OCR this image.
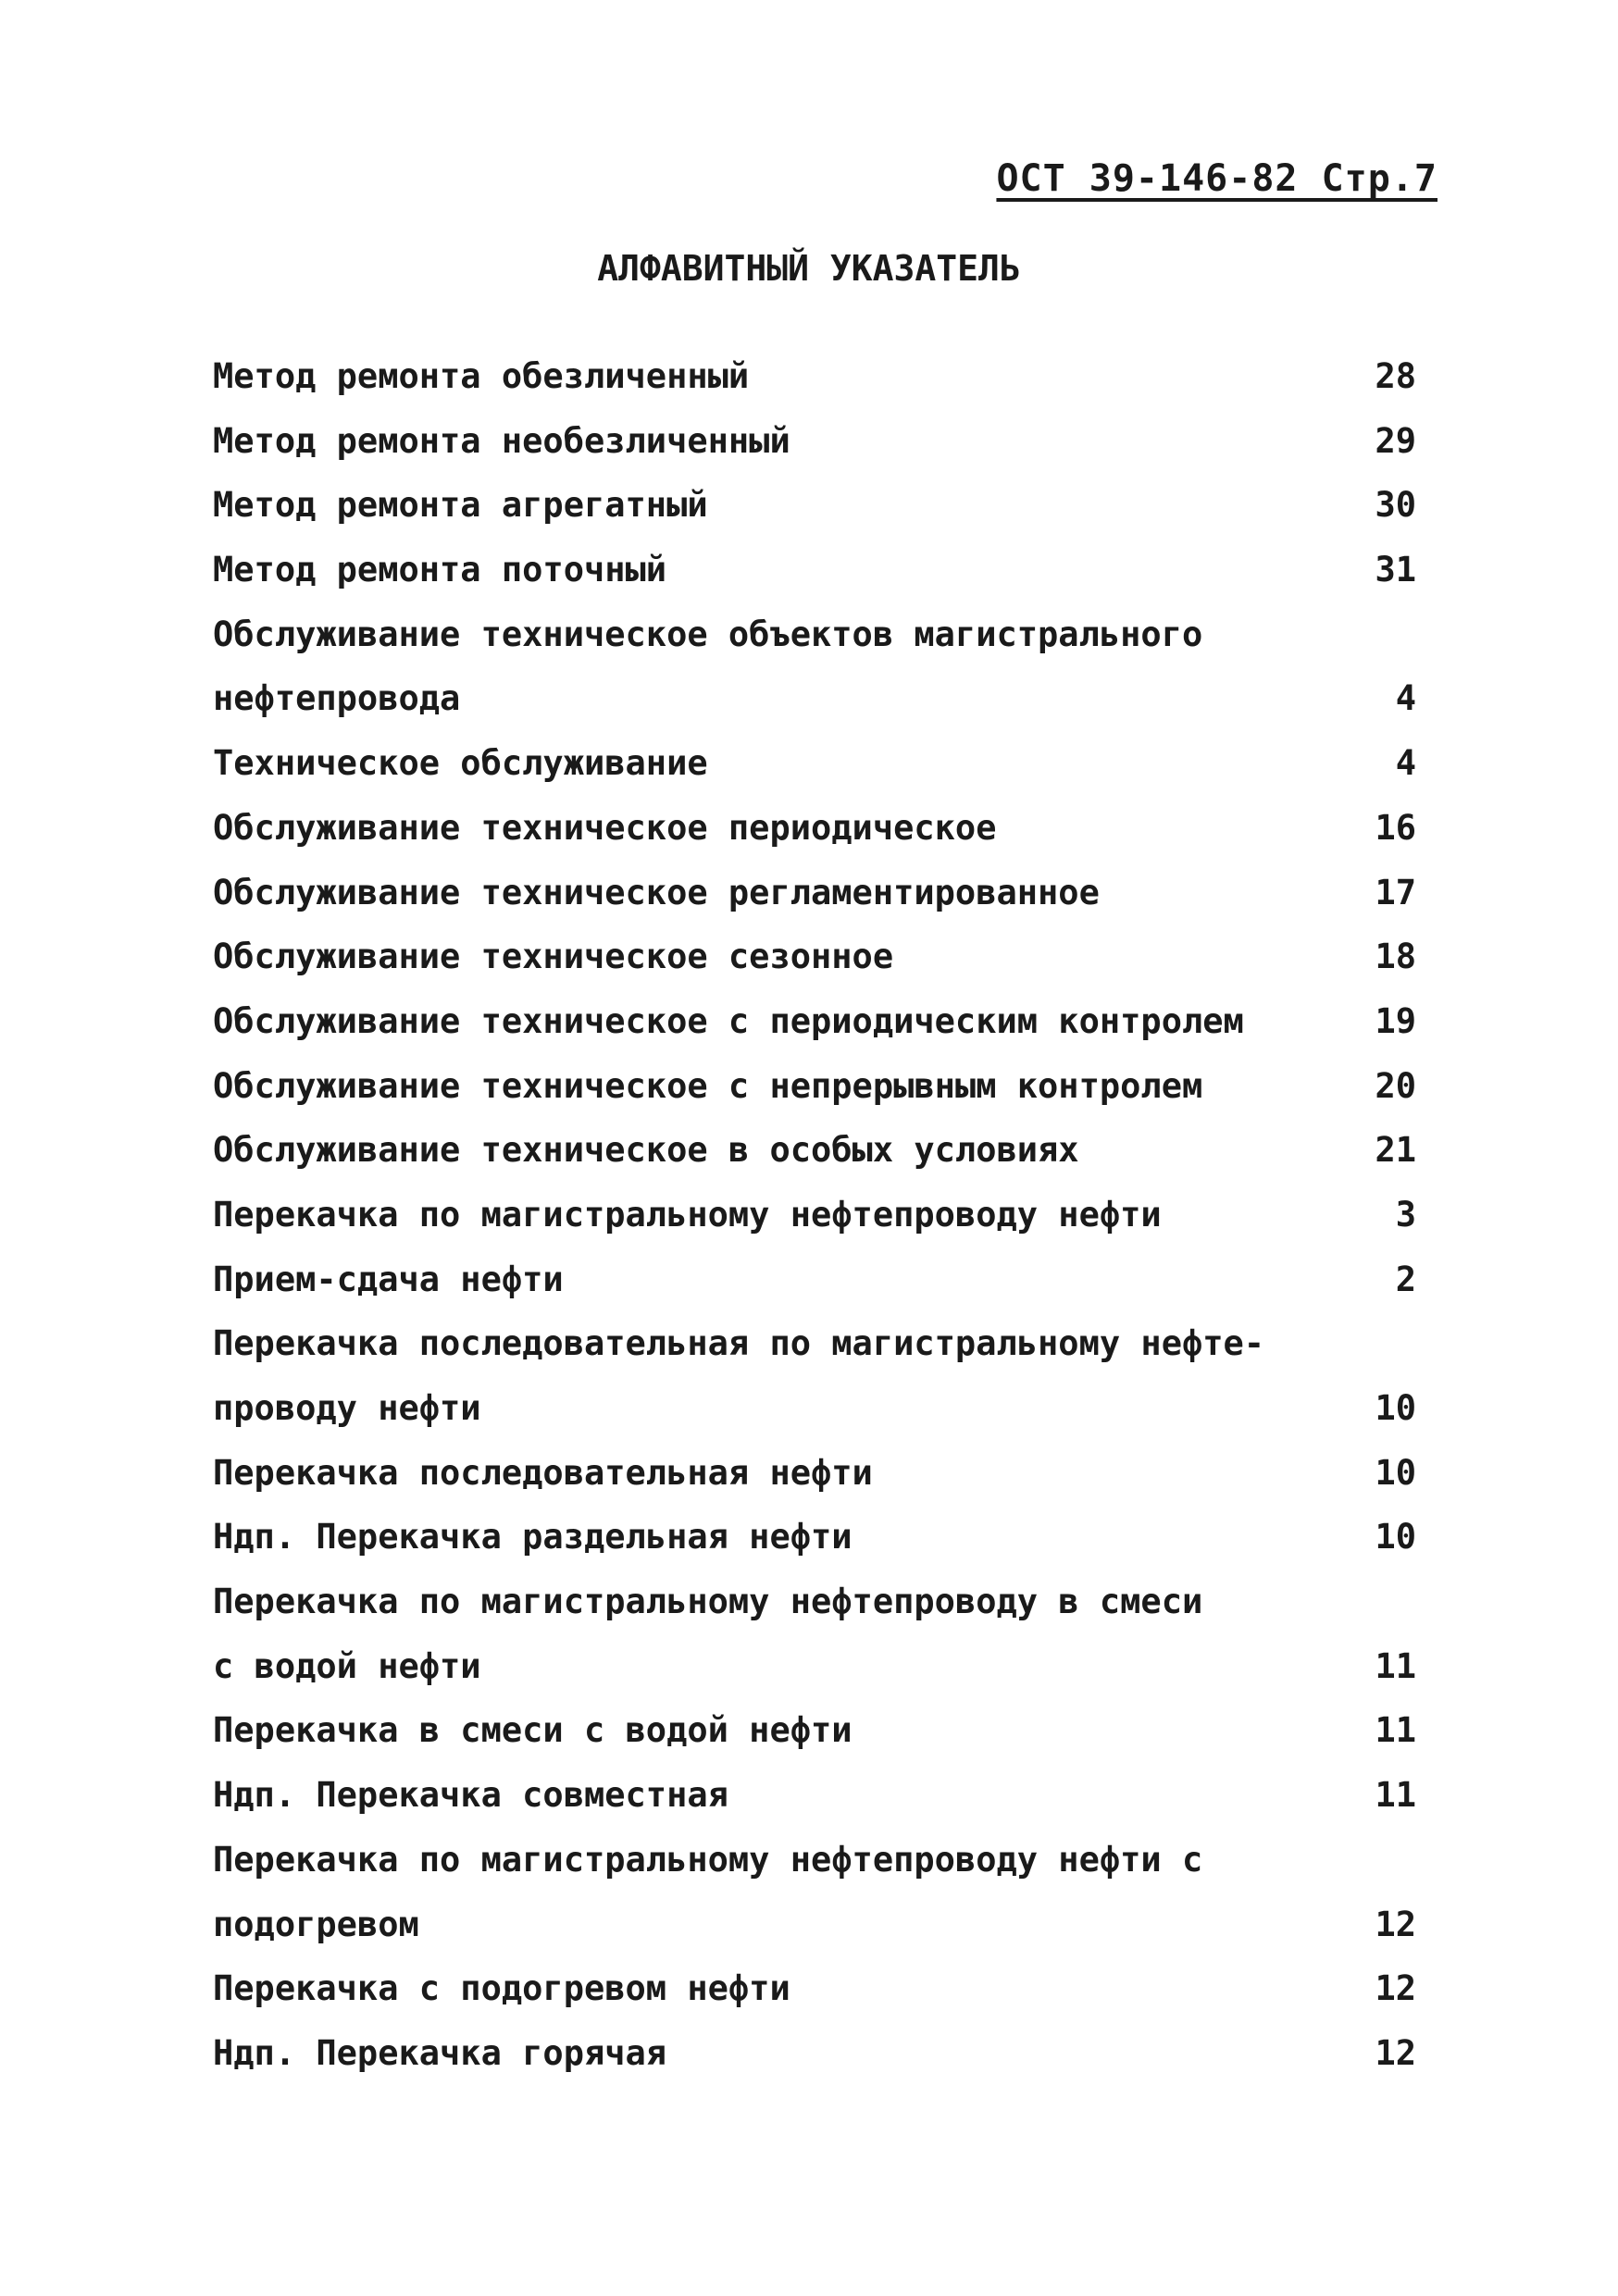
ОСТ 39-146-82 Стр.7
АЛФАВИТНЫЙ УКАЗАТЕЛЬ
Метод ремонта обезличенный	28
Метод ремонта необезличенный	29
Метод ремонта агрегатный	30
Метод ремонта поточный	31
Обслуживание техническое объектов магистрального
нефтепровода	4
Техническое обслуживание	4
Обслуживание техническое периодическое	16
Обслуживание техническое регламентированное	17
Обслуживание техническое сезонное	18
Обслуживание техническое с периодическим контролем	19
Обслуживание техническое с непрерывным контролем	20
Обслуживание техническое в особых условиях	21
Перекачка по магистральному нефтепроводу нефти	3
Прием-сдача нефти	2
Перекачка последовательная по магистральному нефте-
проводу нефти	10
Перекачка последовательная нефти	10
Ндп. Перекачка раздельная нефти	10
Перекачка по магистральному нефтепроводу в смеси
с водой нефти	11
Перекачка в смеси с водой нефти	11
Ндп. Перекачка совместная	11
Перекачка по магистральному нефтепроводу нефти с
подогревом	12
Перекачка с подогревом нефти	12
Ндп. Перекачка горячая	12
